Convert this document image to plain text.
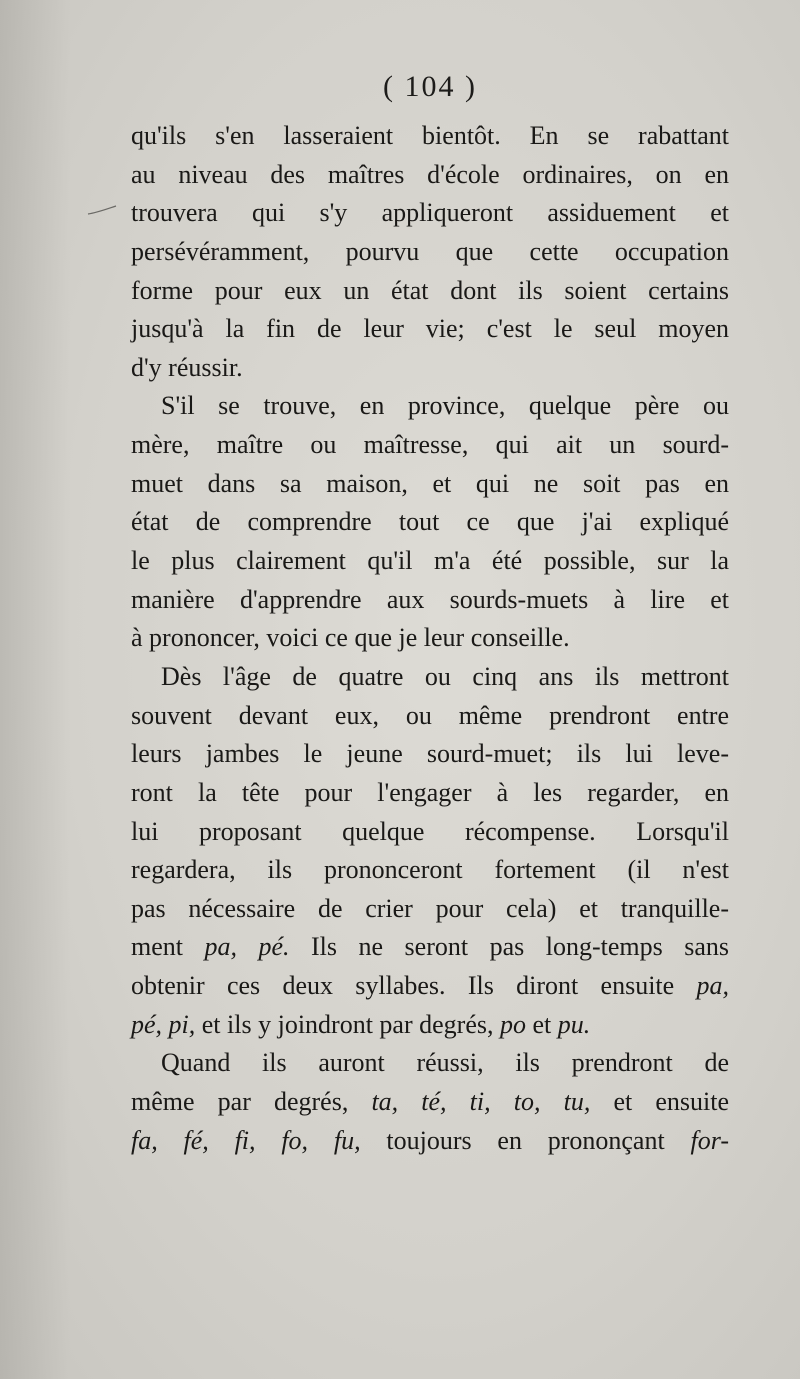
( 104 )
qu'ils s'en lasseraient bientôt. En se rabattant
au niveau des maîtres d'école ordinaires, on en
trouvera qui s'y appliqueront assiduement et
persévéramment, pourvu que cette occupation
forme pour eux un état dont ils soient certains
jusqu'à la fin de leur vie; c'est le seul moyen
d'y réussir.
S'il se trouve, en province, quelque père ou
mère, maître ou maîtresse, qui ait un sourd-
muet dans sa maison, et qui ne soit pas en
état de comprendre tout ce que j'ai expliqué
le plus clairement qu'il m'a été possible, sur la
manière d'apprendre aux sourds-muets à lire et
à prononcer, voici ce que je leur conseille.
Dès l'âge de quatre ou cinq ans ils mettront
souvent devant eux, ou même prendront entre
leurs jambes le jeune sourd-muet; ils lui leve-
ront la tête pour l'engager à les regarder, en
lui proposant quelque récompense. Lorsqu'il
regardera, ils prononceront fortement (il n'est
pas nécessaire de crier pour cela) et tranquille-
ment pa, pé. Ils ne seront pas long-temps sans
obtenir ces deux syllabes. Ils diront ensuite pa,
pé, pi, et ils y joindront par degrés, po et pu.
Quand ils auront réussi, ils prendront de
même par degrés, ta, té, ti, to, tu, et ensuite
fa, fé, fi, fo, fu, toujours en prononçant for-
